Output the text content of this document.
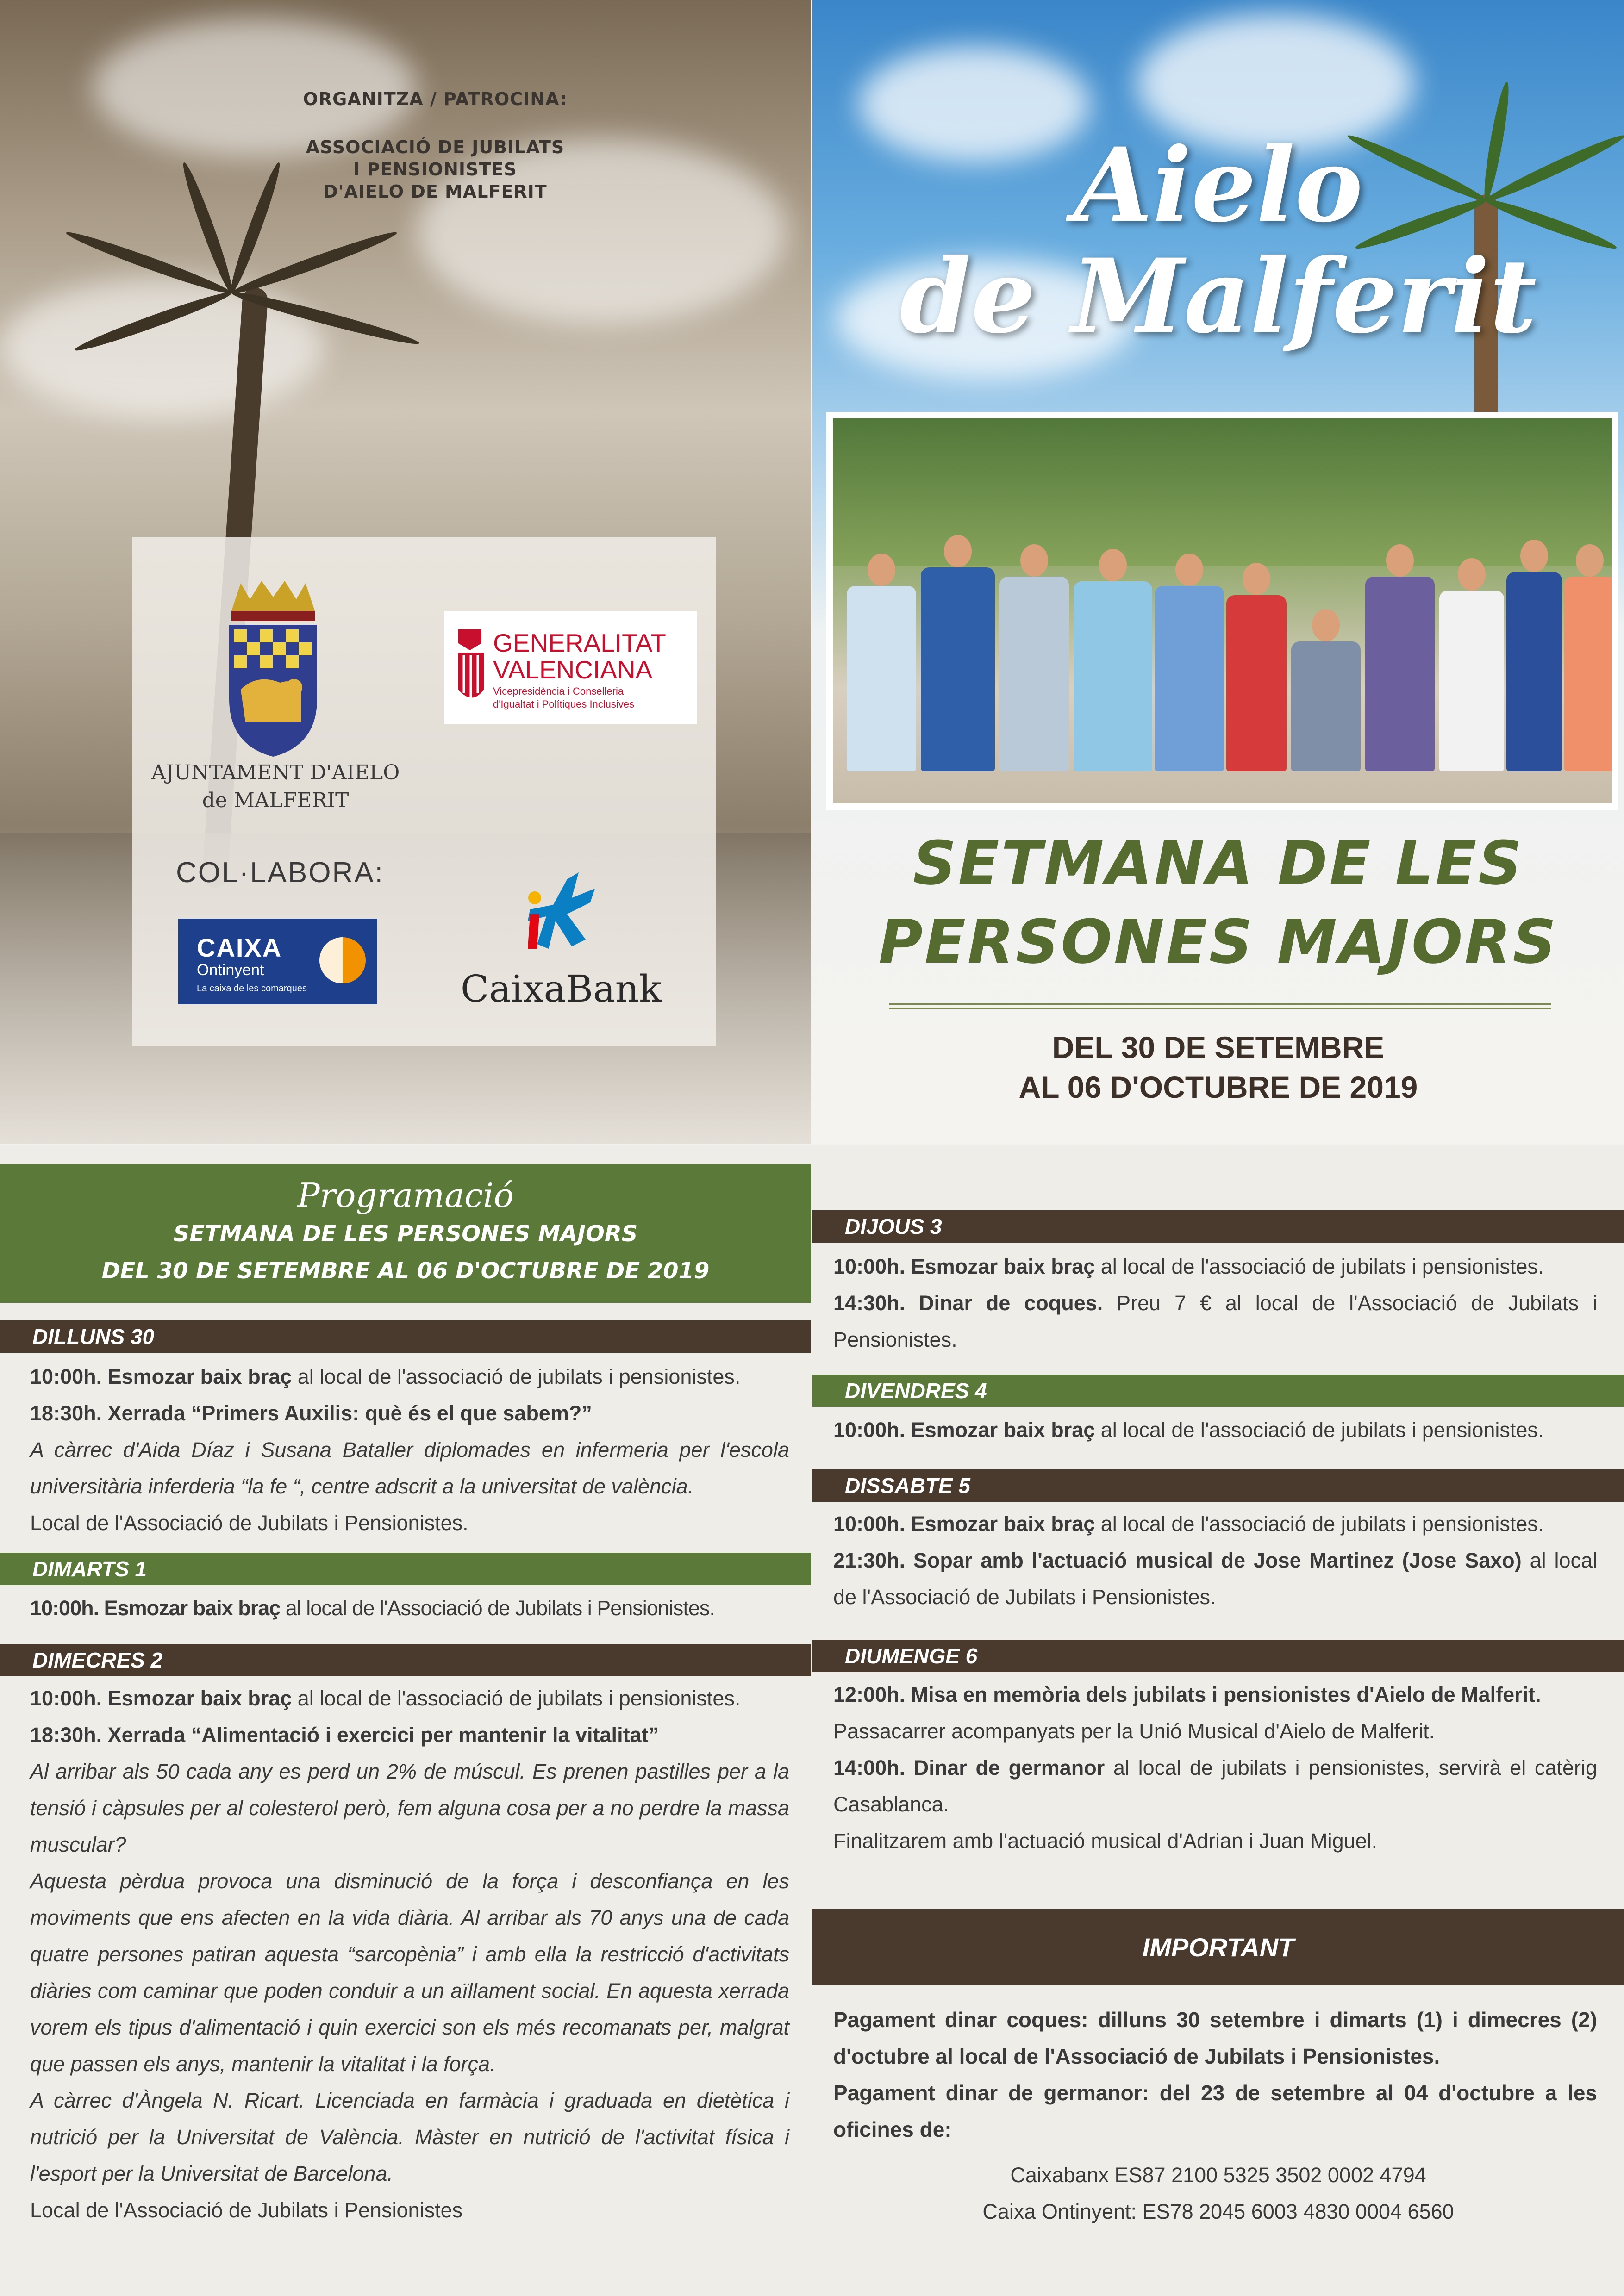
ORGANITZA / PATROCINA:
ASSOCIACIÓ DE JUBILATS
I PENSIONISTES
D'AIELO DE MALFERIT
AJUNTAMENT D'AIELO
de MALFERIT
GENERALITAT
VALENCIANA
Vicepresidència i Conselleria
d'Igualtat i Polítiques Inclusives
COL·LABORA:
CAIXA
Ontinyent
La caixa de les comarques	CaixaBank
Aielo
de Malferit
SETMANA DE LES
PERSONES MAJORS
DEL 30 DE SETEMBRE
AL 06 D'OCTUBRE DE 2019
Programació
SETMANA DE LES PERSONES MAJORS
DEL 30 DE SETEMBRE AL 06 D'OCTUBRE DE 2019
DILLUNS 30

10:00h. Esmozar baix braç al local de l'associació de jubilats i pensionistes.

18:30h. Xerrada “Primers Auxilis: què és el que sabem?”

A càrrec d'Aida Díaz i Susana Bataller diplomades en infermeria per l'escola universitària inferderia “la fe “, centre adscrit a la universitat de valència.

Local de l'Associació de Jubilats i Pensionistes.

DIMARTS 1

10:00h. Esmozar baix braç al local de l'Associació de Jubilats i Pensionistes.

DIMECRES 2

10:00h. Esmozar baix braç al local de l'associació de jubilats i pensionistes.

18:30h. Xerrada “Alimentació i exercici per mantenir la vitalitat”

Al arribar als 50 cada any es perd un 2% de múscul. Es prenen pastilles per a la tensió i càpsules per al colesterol però, fem alguna cosa per a no perdre la massa muscular?

Aquesta pèrdua provoca una disminució de la força i desconfiança en les moviments que ens afecten en la vida diària. Al arribar als 70 anys una de cada quatre persones patiran aquesta “sarcopènia” i amb ella la restricció d'activitats diàries com caminar que poden conduir a un aïllament social. En aquesta xerrada vorem els tipus d'alimentació i quin exercici son els més recomanats per, malgrat que passen els anys, mantenir la vitalitat i la força.

A càrrec d'Àngela N. Ricart. Licenciada en farmàcia i graduada en dietètica i nutrició per la Universitat de València. Màster en nutrició de l'activitat física i l'esport per la Universitat de Barcelona.

Local de l'Associació de Jubilats i Pensionistes

DIJOUS 3

10:00h. Esmozar baix braç al local de l'associació de jubilats i pensionistes.

14:30h. Dinar de coques. Preu 7 € al local de l'Associació de Jubilats i Pensionistes.

DIVENDRES 4

10:00h. Esmozar baix braç al local de l'associació de jubilats i pensionistes.

DISSABTE 5

10:00h. Esmozar baix braç al local de l'associació de jubilats i pensionistes.

21:30h. Sopar amb l'actuació musical de Jose Martinez (Jose Saxo) al local de l'Associació de Jubilats i Pensionistes.

DIUMENGE 6

12:00h. Misa en memòria dels jubilats i pensionistes d'Aielo de Malferit.

Passacarrer acompanyats per la Unió Musical d'Aielo de Malferit.

14:00h. Dinar de germanor al local de jubilats i pensionistes, servirà el catèrig Casablanca.

Finalitzarem amb l'actuació musical d'Adrian i Juan Miguel.

IMPORTANT

Pagament dinar coques: dilluns 30 setembre i dimarts (1) i dimecres (2) d'octubre al local de l'Associació de Jubilats i Pensionistes.

Pagament dinar de germanor: del 23 de setembre al 04 d'octubre a les oficines de:

Caixabanx ES87 2100 5325 3502 0002 4794
Caixa Ontinyent: ES78 2045 6003 4830 0004 6560
